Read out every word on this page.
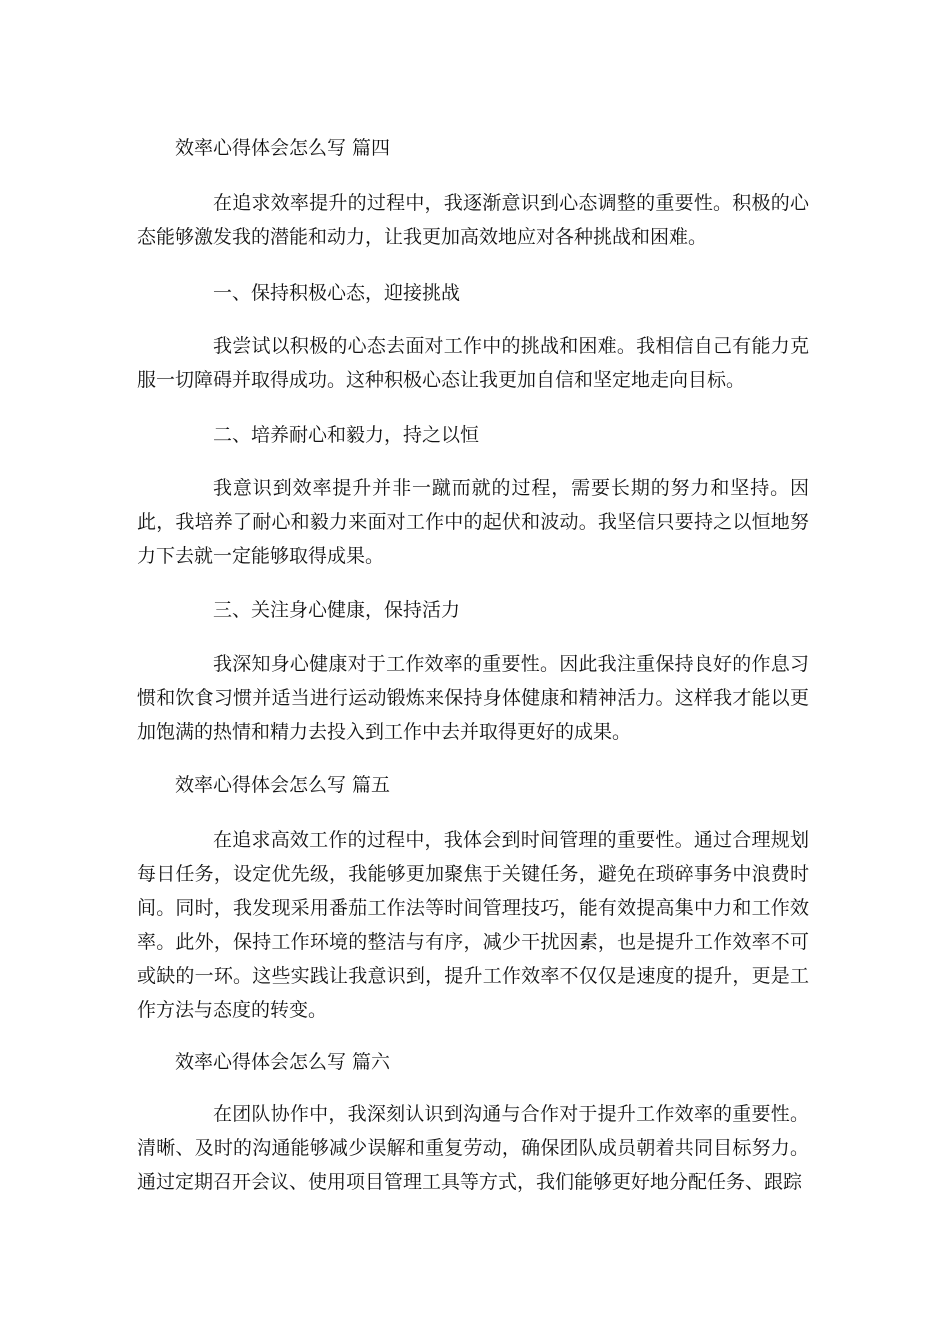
效率心得体会怎么写 篇四
在追求效率提升的过程中，我逐渐意识到心态调整的重要性。积极的心态能够激发我的潜能和动力，让我更加高效地应对各种挑战和困难。
一、保持积极心态，迎接挑战
我尝试以积极的心态去面对工作中的挑战和困难。我相信自己有能力克服一切障碍并取得成功。这种积极心态让我更加自信和坚定地走向目标。
二、培养耐心和毅力，持之以恒
我意识到效率提升并非一蹴而就的过程，需要长期的努力和坚持。因此，我培养了耐心和毅力来面对工作中的起伏和波动。我坚信只要持之以恒地努力下去就一定能够取得成果。
三、关注身心健康，保持活力
我深知身心健康对于工作效率的重要性。因此我注重保持良好的作息习惯和饮食习惯并适当进行运动锻炼来保持身体健康和精神活力。这样我才能以更加饱满的热情和精力去投入到工作中去并取得更好的成果。
效率心得体会怎么写 篇五
在追求高效工作的过程中，我体会到时间管理的重要性。通过合理规划每日任务，设定优先级，我能够更加聚焦于关键任务，避免在琐碎事务中浪费时间。同时，我发现采用番茄工作法等时间管理技巧，能有效提高集中力和工作效率。此外，保持工作环境的整洁与有序，减少干扰因素，也是提升工作效率不可或缺的一环。这些实践让我意识到，提升工作效率不仅仅是速度的提升，更是工作方法与态度的转变。
效率心得体会怎么写 篇六
在团队协作中，我深刻认识到沟通与合作对于提升工作效率的重要性。清晰、及时的沟通能够减少误解和重复劳动，确保团队成员朝着共同目标努力。通过定期召开会议、使用项目管理工具等方式，我们能够更好地分配任务、跟踪
